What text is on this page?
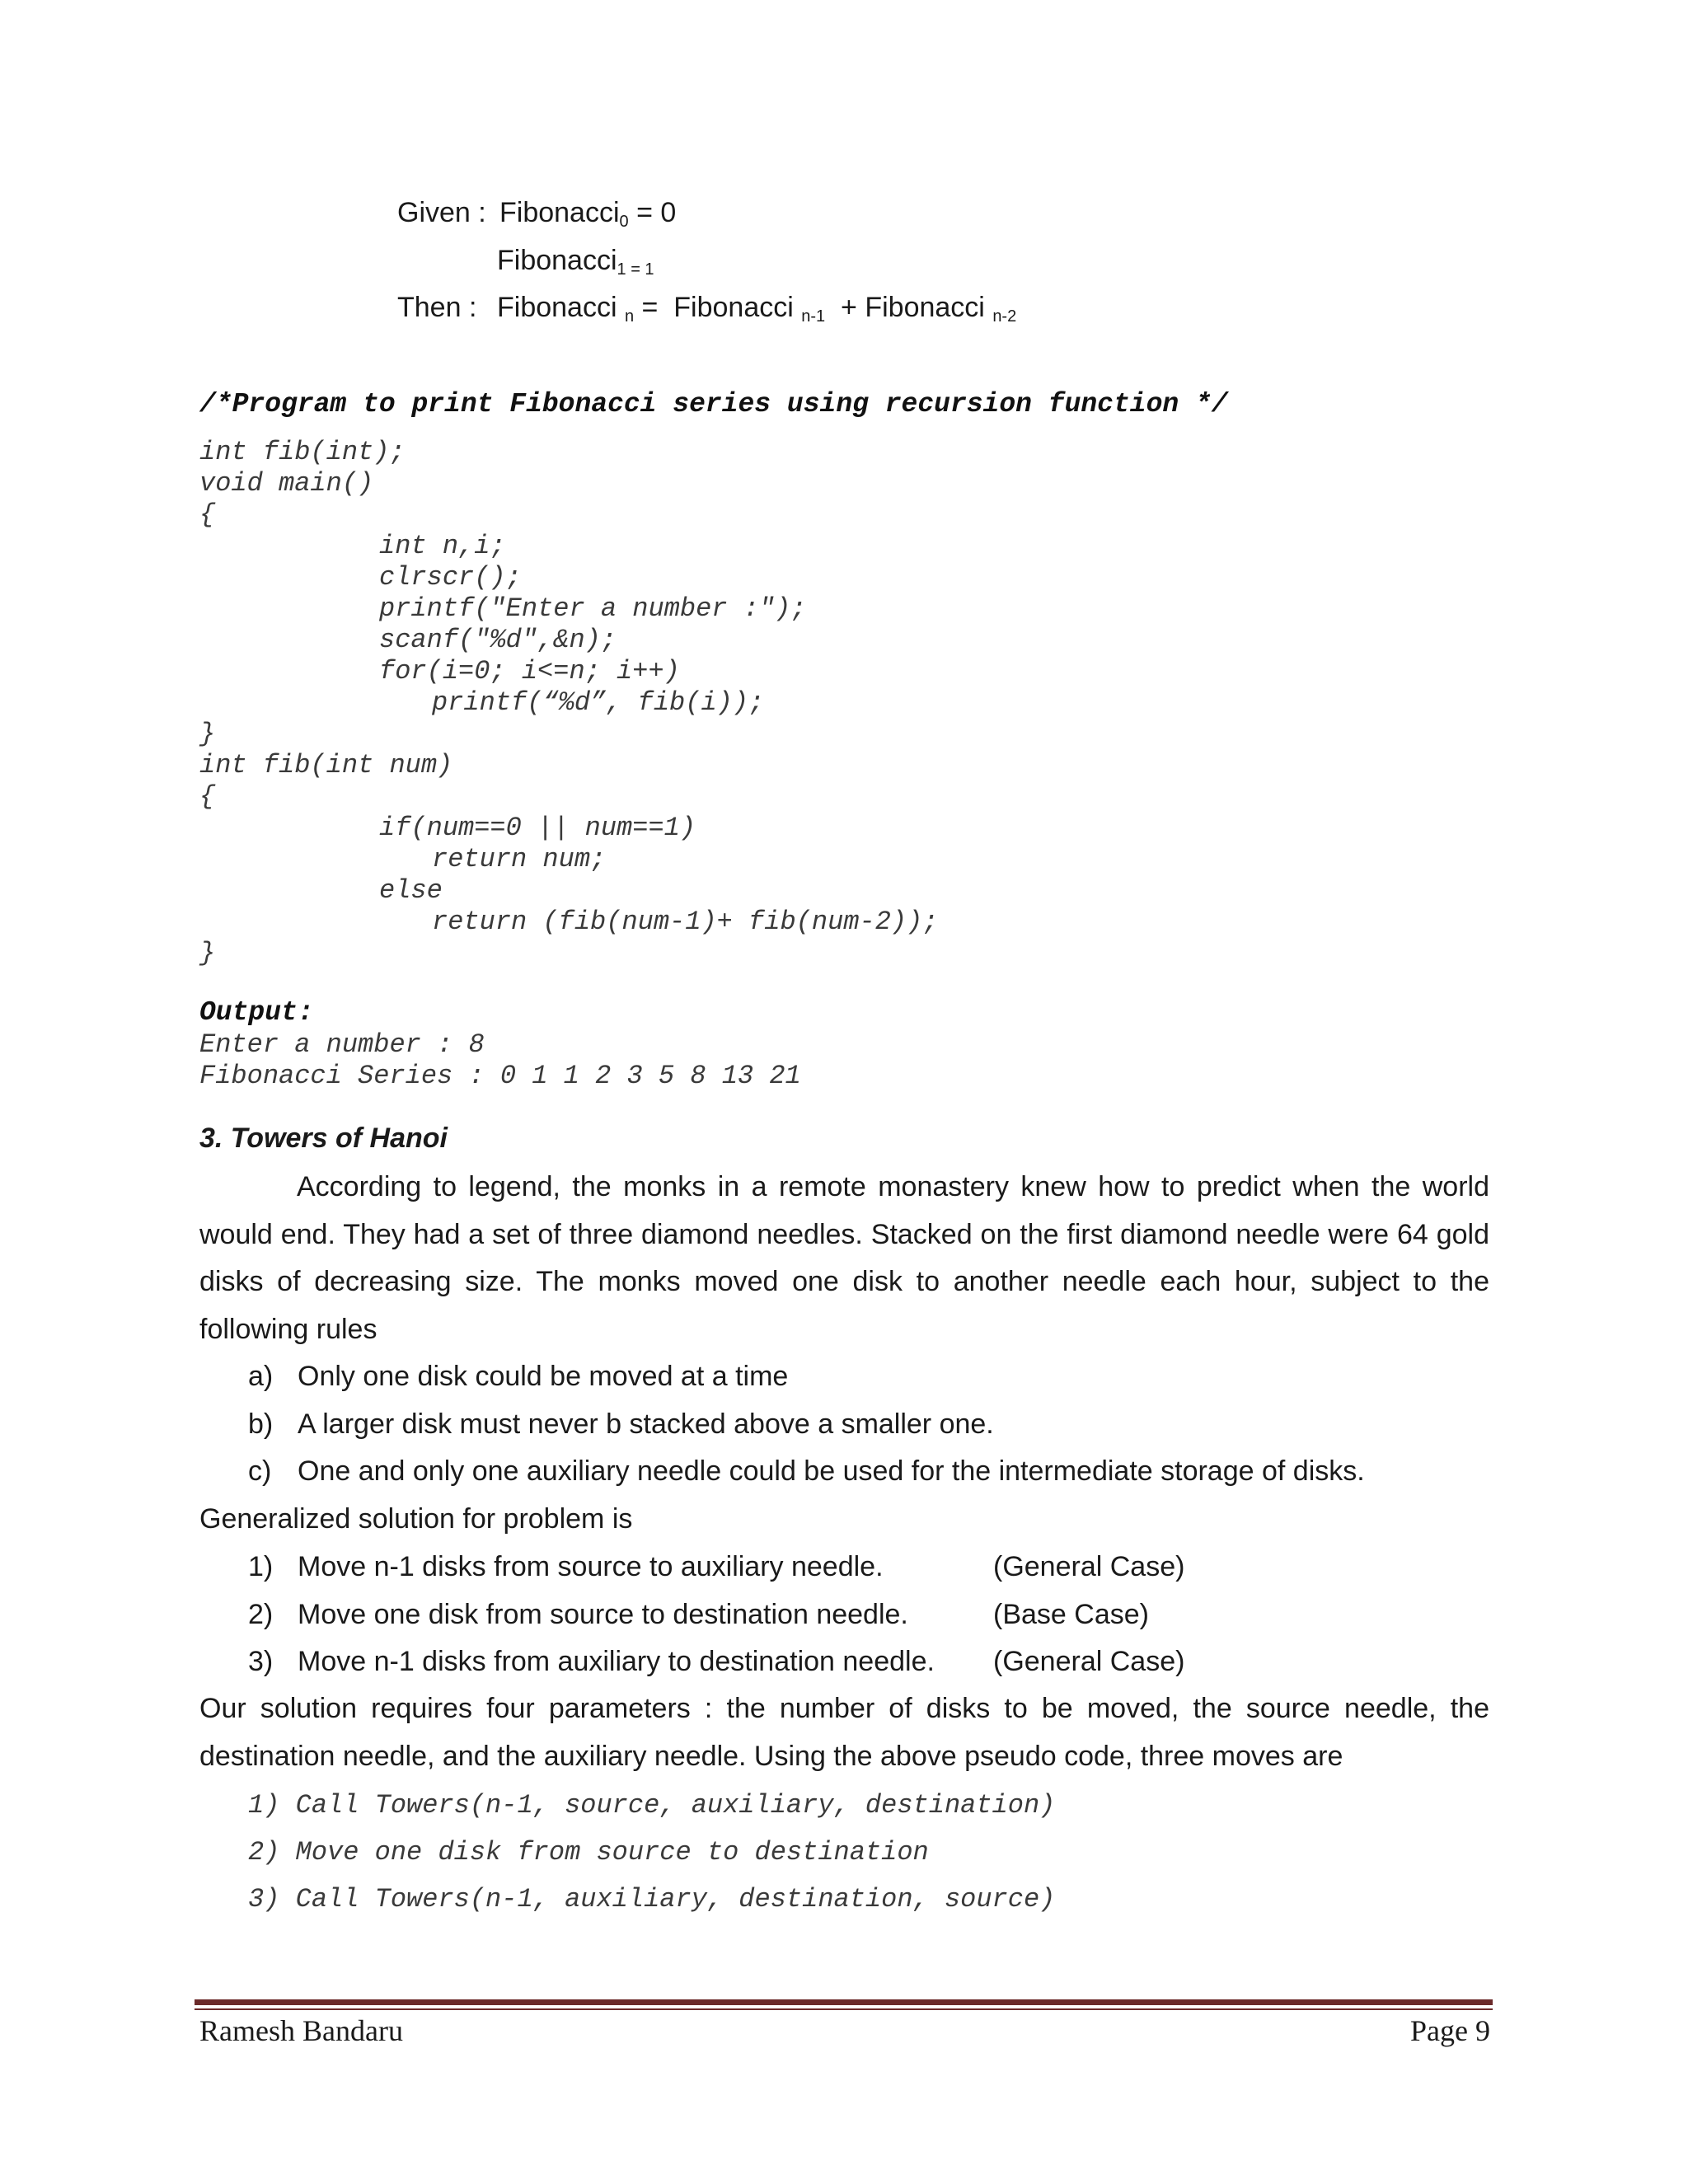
Given : Fibonacci$_0$ = 0
Fibonacci$_{1 = 1}$
Then : Fibonacci $_n$ =  Fibonacci $_{n-1}$  + Fibonacci $_{n-2}$
/*Program to print Fibonacci series using recursion function */
int fib(int);
void main()
{
int n,i;
clrscr();
printf("Enter a number :");
scanf("%d",&n);
for(i=0; i<=n; i++)
printf(“%d”, fib(i));
}
int fib(int num)
{
if(num==0 || num==1)
return num;
else
return (fib(num-1)+ fib(num-2));
}
Output:
Enter a number : 8
Fibonacci Series : 0 1 1 2 3 5 8 13 21
3. Towers of Hanoi
According to legend, the monks in a remote monastery knew how to predict when the world would end. They had a set of three diamond needles. Stacked on the first diamond needle were 64 gold disks of decreasing size. The monks moved one disk to another needle each hour, subject to the following rules
a) Only one disk could be moved at a time
b) A larger disk must never b stacked above a smaller one.
c) One and only one auxiliary needle could be used for the intermediate storage of disks.
Generalized solution for problem is
1) Move n-1 disks from source to auxiliary needle.	(General Case)
2) Move one disk from source to destination needle.	(Base Case)
3) Move n-1 disks from auxiliary to destination needle. (General Case)
Our solution requires four parameters : the number of disks to be moved, the source needle, the destination needle, and the auxiliary needle. Using the above pseudo code, three moves are
1) Call Towers(n-1, source, auxiliary, destination)
2) Move one disk from source to destination
3) Call Towers(n-1, auxiliary, destination, source)
Ramesh Bandaru	Page 9
